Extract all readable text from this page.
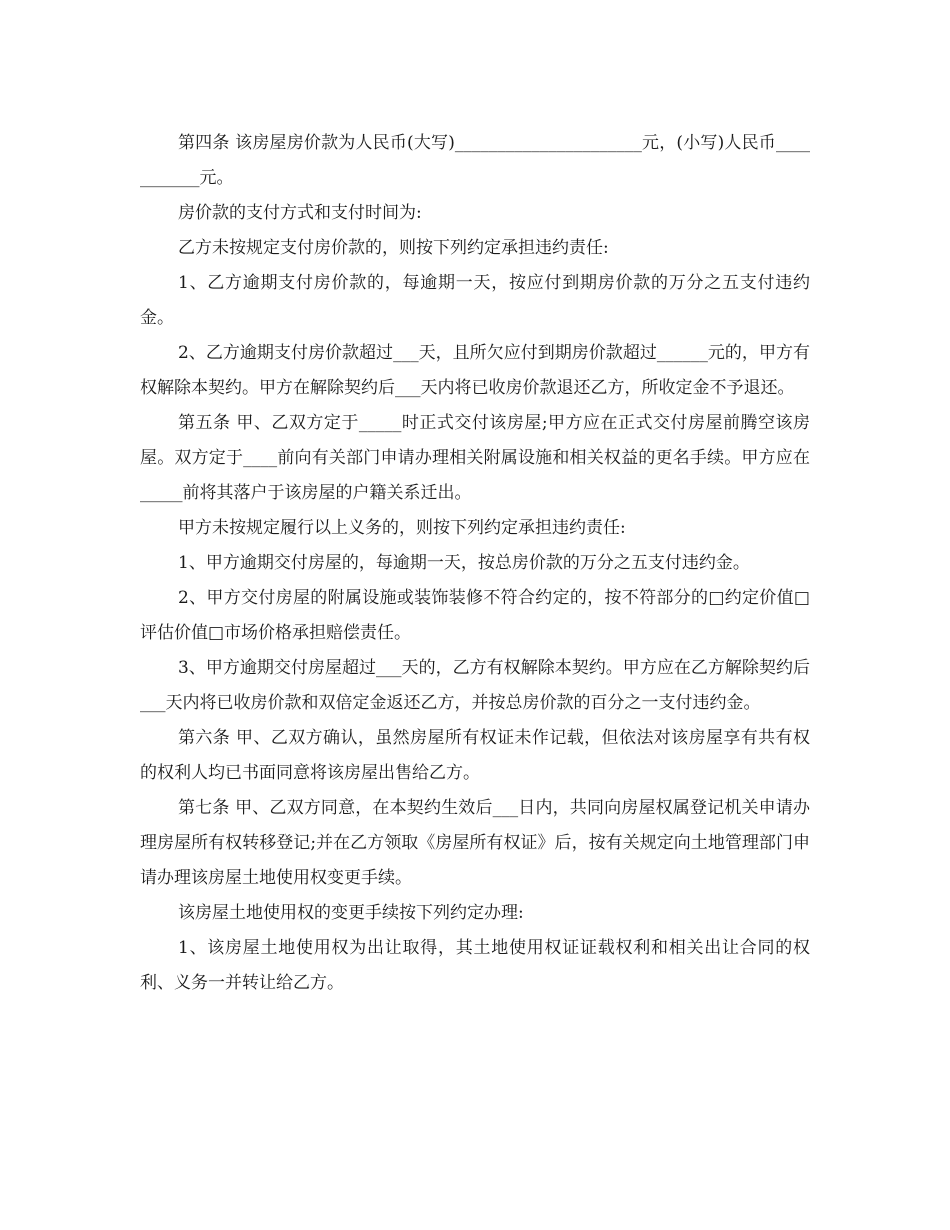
第四条 该房屋房价款为人民币(大写)______________________元，(小写)人民币___________元。

房价款的支付方式和支付时间为:

乙方未按规定支付房价款的，则按下列约定承担违约责任:

1、乙方逾期支付房价款的，每逾期一天，按应付到期房价款的万分之五支付违约金。

2、乙方逾期支付房价款超过___天，且所欠应付到期房价款超过______元的，甲方有权解除本契约。甲方在解除契约后___天内将已收房价款退还乙方，所收定金不予退还。

第五条 甲、乙双方定于_____时正式交付该房屋;甲方应在正式交付房屋前腾空该房屋。双方定于____前向有关部门申请办理相关附属设施和相关权益的更名手续。甲方应在_____前将其落户于该房屋的户籍关系迁出。

甲方未按规定履行以上义务的，则按下列约定承担违约责任:

1、甲方逾期交付房屋的，每逾期一天，按总房价款的万分之五支付违约金。

2、甲方交付房屋的附属设施或装饰装修不符合约定的，按不符部分的□约定价值□评估价值□市场价格承担赔偿责任。

3、甲方逾期交付房屋超过___天的，乙方有权解除本契约。甲方应在乙方解除契约后___天内将已收房价款和双倍定金返还乙方，并按总房价款的百分之一支付违约金。

第六条 甲、乙双方确认，虽然房屋所有权证未作记载，但依法对该房屋享有共有权的权利人均已书面同意将该房屋出售给乙方。

第七条 甲、乙双方同意，在本契约生效后___日内，共同向房屋权属登记机关申请办理房屋所有权转移登记;并在乙方领取《房屋所有权证》后，按有关规定向土地管理部门申请办理该房屋土地使用权变更手续。

该房屋土地使用权的变更手续按下列约定办理:

1、该房屋土地使用权为出让取得，其土地使用权证证载权利和相关出让合同的权利、义务一并转让给乙方。
